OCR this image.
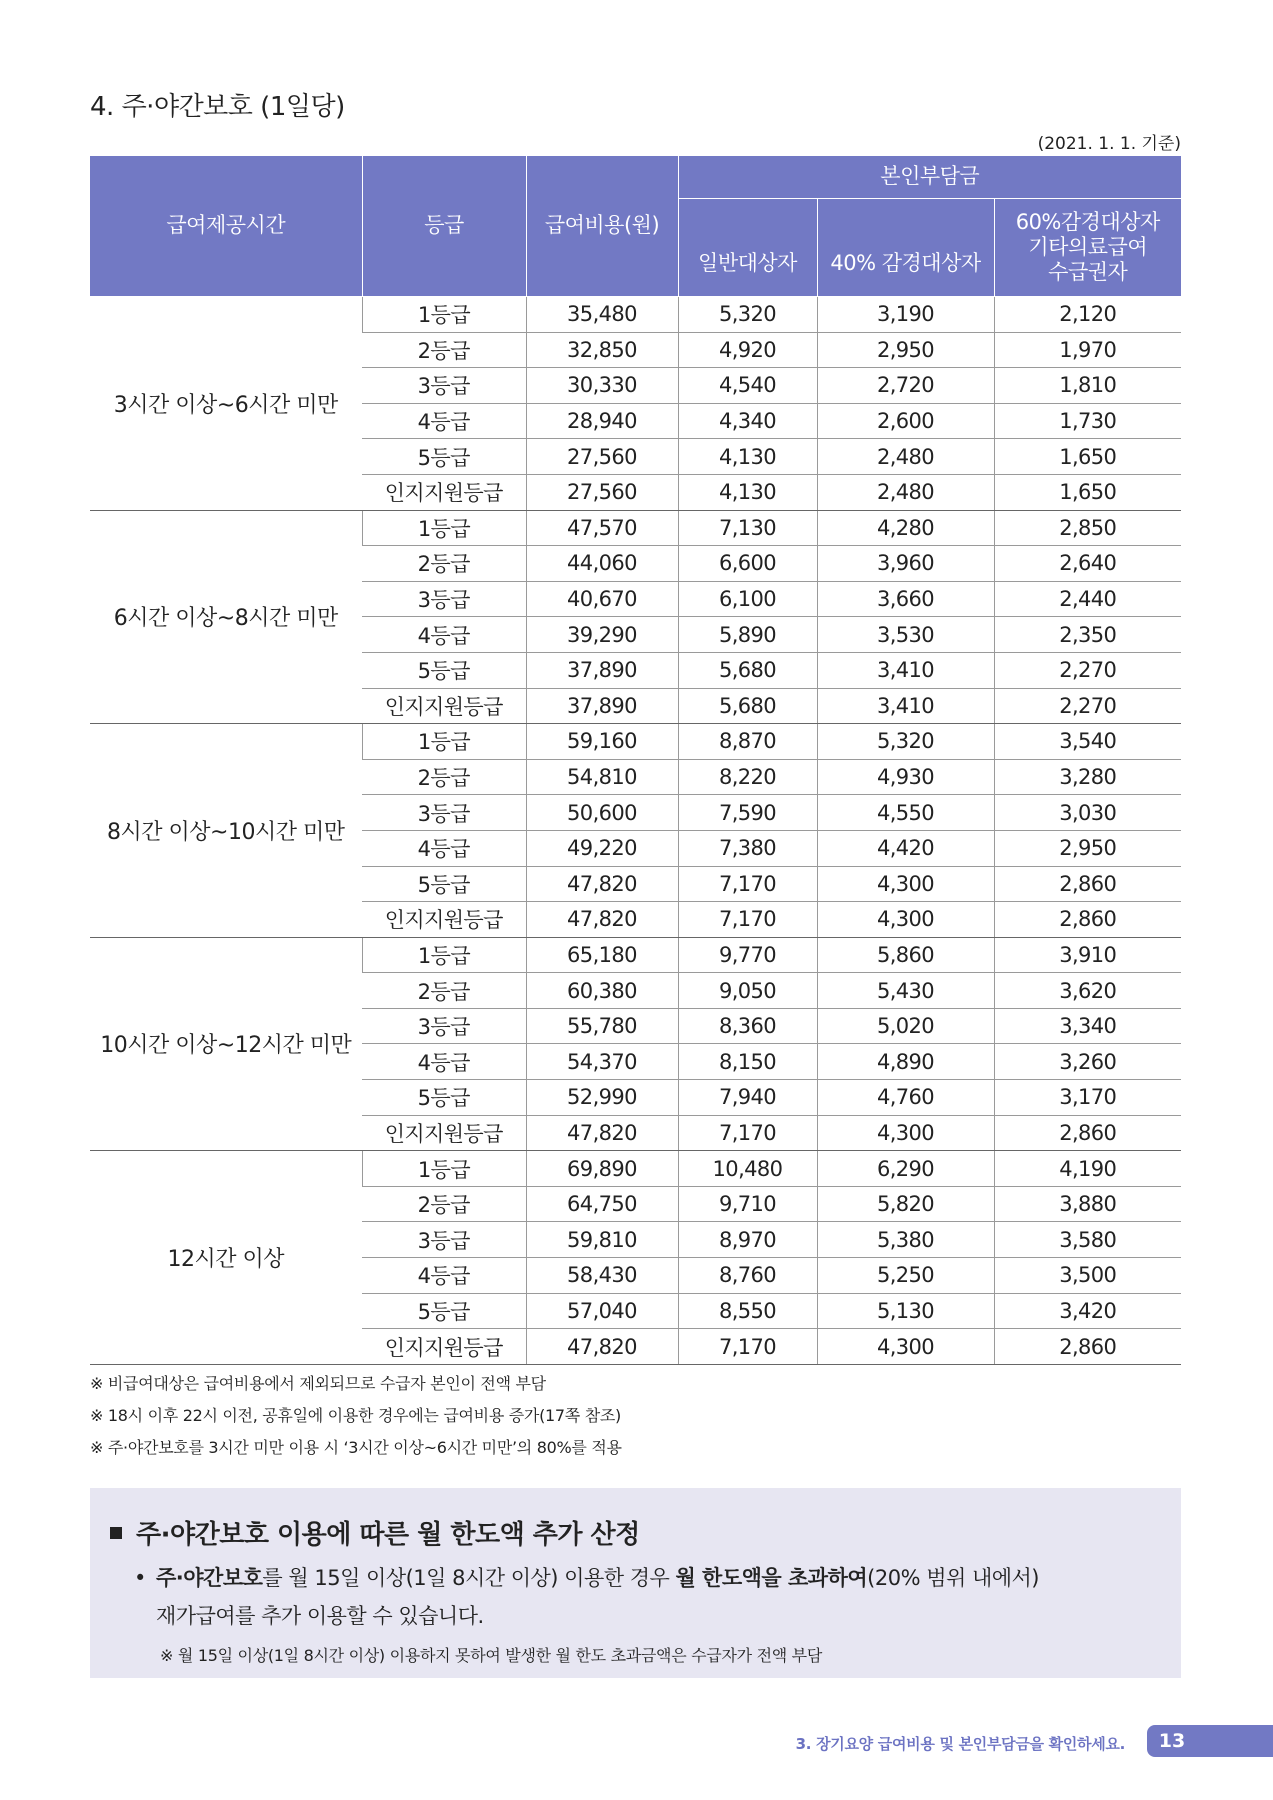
4. 주·야간보호 (1일당)
(2021. 1. 1. 기준)
급여제공시간	등급	급여비용(원)	본인부담금		
			일반대상자	40% 감경대상자	60%감경대상자
기타의료급여
수급권자

3시간 이상~6시간 미만	1등급	35,480	5,320	3,190	2,120
	2등급	32,850	4,920	2,950	1,970
	3등급	30,330	4,540	2,720	1,810
	4등급	28,940	4,340	2,600	1,730
	5등급	27,560	4,130	2,480	1,650
	인지지원등급	27,560	4,130	2,480	1,650
6시간 이상~8시간 미만	1등급	47,570	7,130	4,280	2,850
	2등급	44,060	6,600	3,960	2,640
	3등급	40,670	6,100	3,660	2,440
	4등급	39,290	5,890	3,530	2,350
	5등급	37,890	5,680	3,410	2,270
	인지지원등급	37,890	5,680	3,410	2,270
8시간 이상~10시간 미만	1등급	59,160	8,870	5,320	3,540
	2등급	54,810	8,220	4,930	3,280
	3등급	50,600	7,590	4,550	3,030
	4등급	49,220	7,380	4,420	2,950
	5등급	47,820	7,170	4,300	2,860
	인지지원등급	47,820	7,170	4,300	2,860
10시간 이상~12시간 미만	1등급	65,180	9,770	5,860	3,910
	2등급	60,380	9,050	5,430	3,620
	3등급	55,780	8,360	5,020	3,340
	4등급	54,370	8,150	4,890	3,260
	5등급	52,990	7,940	4,760	3,170
	인지지원등급	47,820	7,170	4,300	2,860
12시간 이상	1등급	69,890	10,480	6,290	4,190
	2등급	64,750	9,710	5,820	3,880
	3등급	59,810	8,970	5,380	3,580
	4등급	58,430	8,760	5,250	3,500
	5등급	57,040	8,550	5,130	3,420
	인지지원등급	47,820	7,170	4,300	2,860

※ 비급여대상은 급여비용에서 제외되므로 수급자 본인이 전액 부담

※ 18시 이후 22시 이전, 공휴일에 이용한 경우에는 급여비용 증가(17쪽 참조)

※ 주·야간보호를 3시간 미만 이용 시 ‘3시간 이상~6시간 미만’의 80%를 적용

주·야간보호 이용에 따른 월 한도액 추가 산정
• 주·야간보호를 월 15일 이상(1일 8시간 이상) 이용한 경우 월 한도액을 초과하여(20% 범위 내에서)
재가급여를 추가 이용할 수 있습니다.
※ 월 15일 이상(1일 8시간 이상) 이용하지 못하여 발생한 월 한도 초과금액은 수급자가 전액 부담
3. 장기요양 급여비용 및 본인부담금을 확인하세요.	13
